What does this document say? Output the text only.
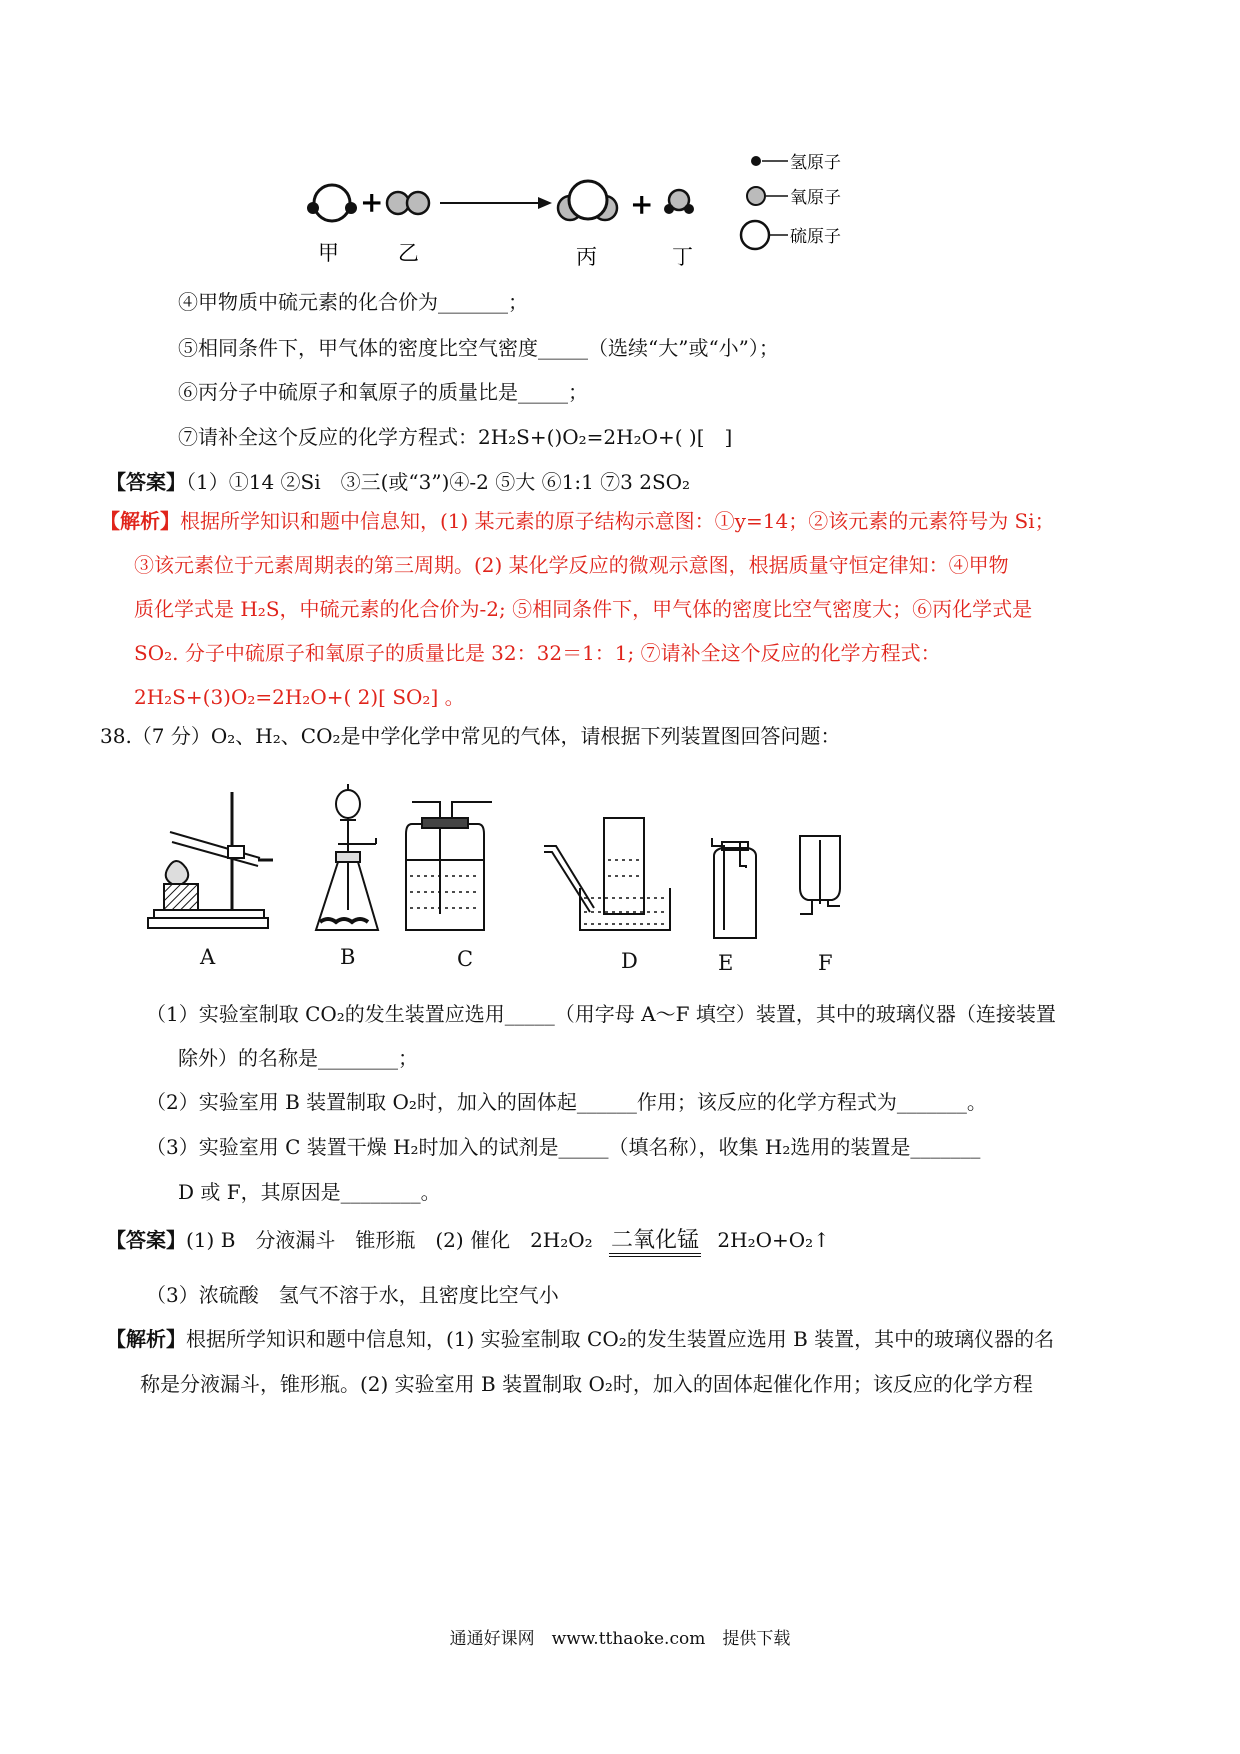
+	+
氢原子
氧原子
硫原子
甲	乙	丙	丁
④甲物质中硫元素的化合价为_______；
⑤相同条件下，甲气体的密度比空气密度_____（选续“大”或“小”）；
⑥丙分子中硫原子和氧原子的质量比是_____；
⑦请补全这个反应的化学方程式：2H₂S+()O₂=2H₂O+( )[　]
【答案】（1）①14 ②Si　③三(或“3”)④-2 ⑤大 ⑥1:1 ⑦3 2SO₂
【解析】根据所学知识和题中信息知，(1) 某元素的原子结构示意图：①y=14；②该元素的元素符号为 Si；
③该元素位于元素周期表的第三周期。(2) 某化学反应的微观示意图，根据质量守恒定律知：④甲物
质化学式是 H₂S，中硫元素的化合价为-2; ⑤相同条件下，甲气体的密度比空气密度大；⑥丙化学式是
SO₂. 分子中硫原子和氧原子的质量比是 32：32＝1：1; ⑦请补全这个反应的化学方程式：
2H₂S+(3)O₂=2H₂O+( 2)[ SO₂] 。
38.（7 分）O₂、H₂、CO₂是中学化学中常见的气体，请根据下列装置图回答问题：
A	B	C	D	E	F
（1）实验室制取 CO₂的发生装置应选用_____（用字母 A～F 填空）装置，其中的玻璃仪器（连接装置
除外）的名称是________；
（2）实验室用 B 装置制取 O₂时，加入的固体起______作用；该反应的化学方程式为_______。
（3）实验室用 C 装置干燥 H₂时加入的试剂是_____（填名称），收集 H₂选用的装置是_______
D 或 F，其原因是________。
【答案】(1) B　分液漏斗　锥形瓶　(2) 催化　2H₂O₂ 二氧化锰 2H₂O+O₂↑
（3）浓硫酸　氢气不溶于水，且密度比空气小
【解析】根据所学知识和题中信息知，(1) 实验室制取 CO₂的发生装置应选用 B 装置，其中的玻璃仪器的名
称是分液漏斗，锥形瓶。(2) 实验室用 B 装置制取 O₂时，加入的固体起催化作用；该反应的化学方程
通通好课网　www.tthaoke.com　提供下载
